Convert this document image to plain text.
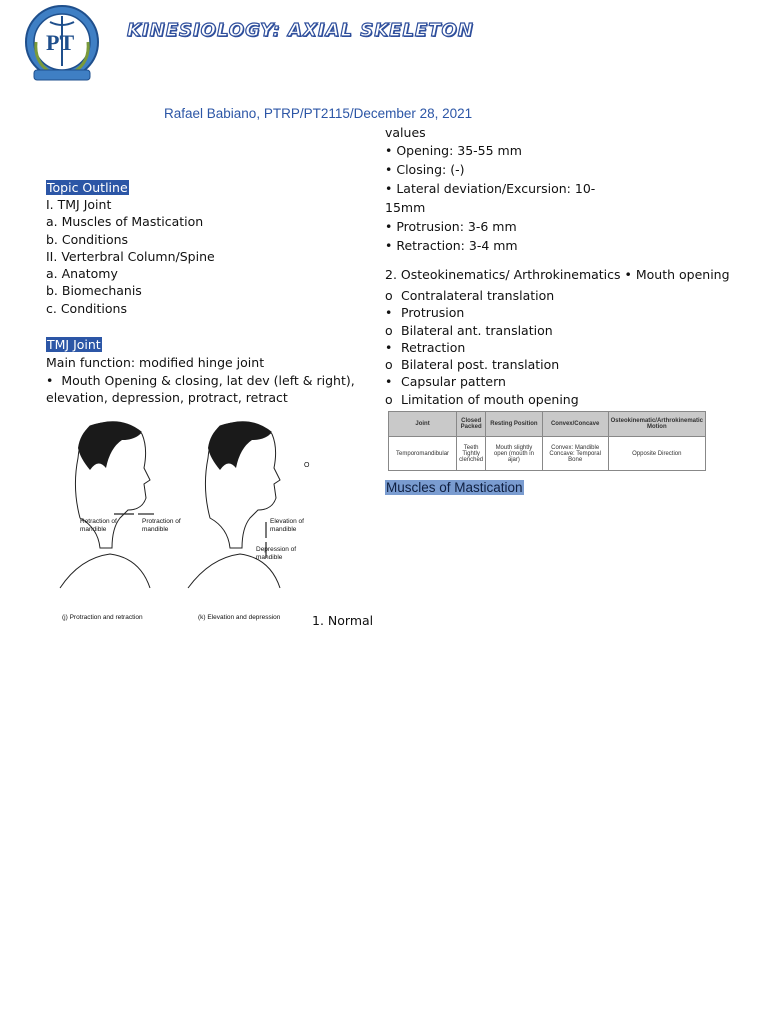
PT	KINESIOLOGY: AXIAL SKELETON
Rafael Babiano, PTRP/PT2115/December 28, 2021
Topic Outline
I. TMJ Joint
a. Muscles of Mastication
b. Conditions
II. Verterbral Column/Spine
a. Anatomy
b. Biomechanis
c. Conditions
TMJ Joint
Main function: modified hinge joint
•  Mouth Opening & closing, lat dev (left & right),
elevation, depression, protract, retract
Retraction of mandible
Protraction of mandible
Elevation of mandible
Depression of mandible
(j) Protraction and retraction	(k) Elevation and depression
O
1. Normal
values
• Opening: 35-55 mm
• Closing: (-)
• Lateral deviation/Excursion: 10-
15mm
• Protrusion: 3-6 mm
• Retraction: 3-4 mm
2. Osteokinematics/ Arthrokinematics • Mouth opening
o Contralateral translation
• Protrusion
o Bilateral ant. translation
• Retraction
o Bilateral post. translation
• Capsular pattern
o Limitation of mouth opening
Joint	Closed Packed	Resting Position	Convex/Concave	Osteokinematic/Arthrokinematic Motion
Temporomandibular	Teeth Tightly clenched	Mouth slightly open (mouth in ajar)	Convex: Mandible Concave: Temporal Bone	Opposite Direction
Muscles of Mastication
